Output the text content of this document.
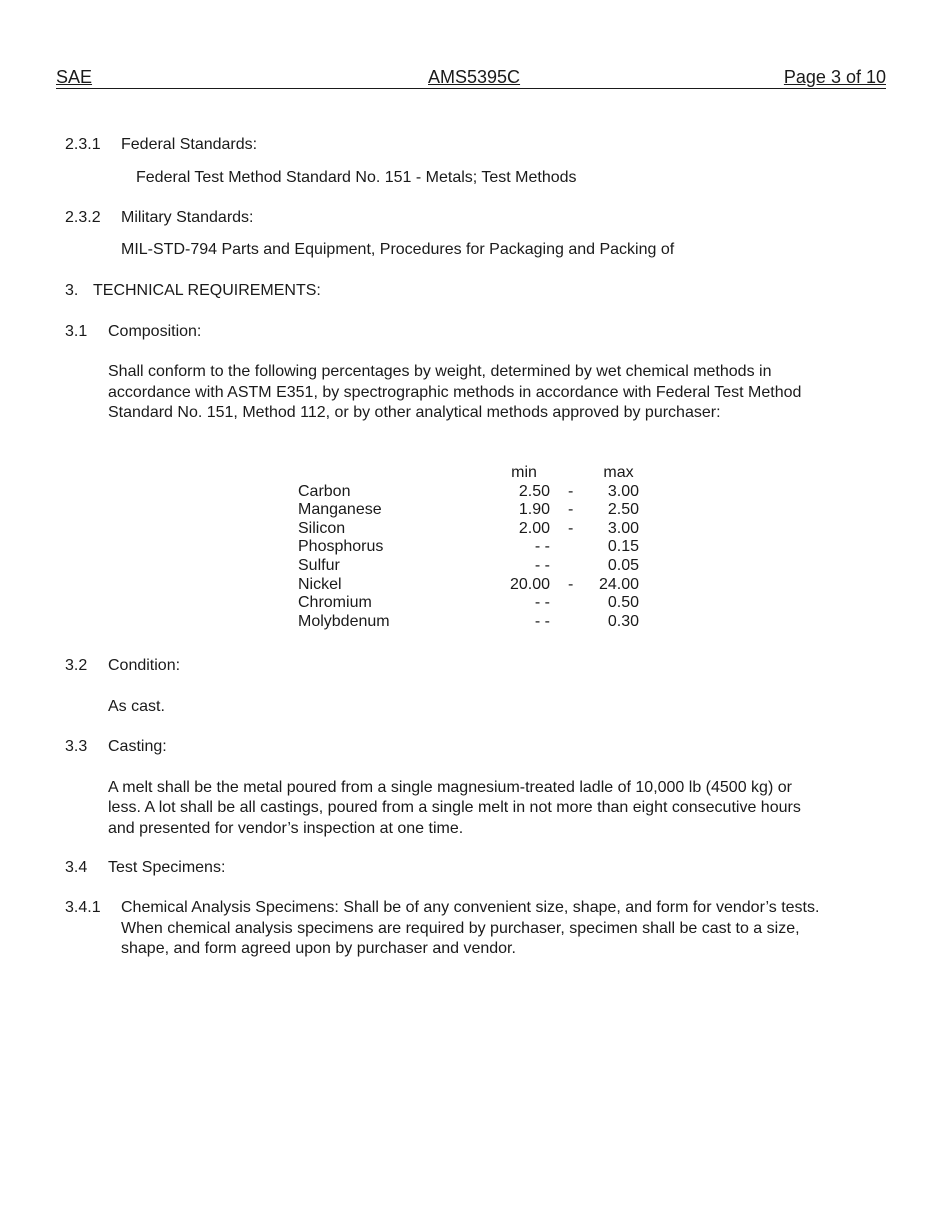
SAE	AMS5395C	Page 3 of 10
2.3.1 Federal Standards:
Federal Test Method Standard No. 151 - Metals; Test Methods
2.3.2 Military Standards:
MIL-STD-794 Parts and Equipment, Procedures for Packaging and Packing of
3. TECHNICAL REQUIREMENTS:
3.1 Composition:
Shall conform to the following percentages by weight, determined by wet chemical methods in
accordance with ASTM E351, by spectrographic methods in accordance with Federal Test Method
Standard No. 151, Method 112, or by other analytical methods approved by purchaser:
min	max
Carbon	2.50 -	3.00
Manganese	1.90 -	2.50
Silicon	2.00 -	3.00
Phosphorus	- -	0.15
Sulfur	- -	0.05
Nickel	20.00 - 24.00
Chromium	- -	0.50
Molybdenum	- -	0.30
3.2 Condition:
As cast.
3.3 Casting:
A melt shall be the metal poured from a single magnesium-treated ladle of 10,000 lb (4500 kg) or
less. A lot shall be all castings, poured from a single melt in not more than eight consecutive hours
and presented for vendor’s inspection at one time.
3.4 Test Specimens:
3.4.1 Chemical Analysis Specimens: Shall be of any convenient size, shape, and form for vendor’s tests.
When chemical analysis specimens are required by purchaser, specimen shall be cast to a size,
shape, and form agreed upon by purchaser and vendor.
